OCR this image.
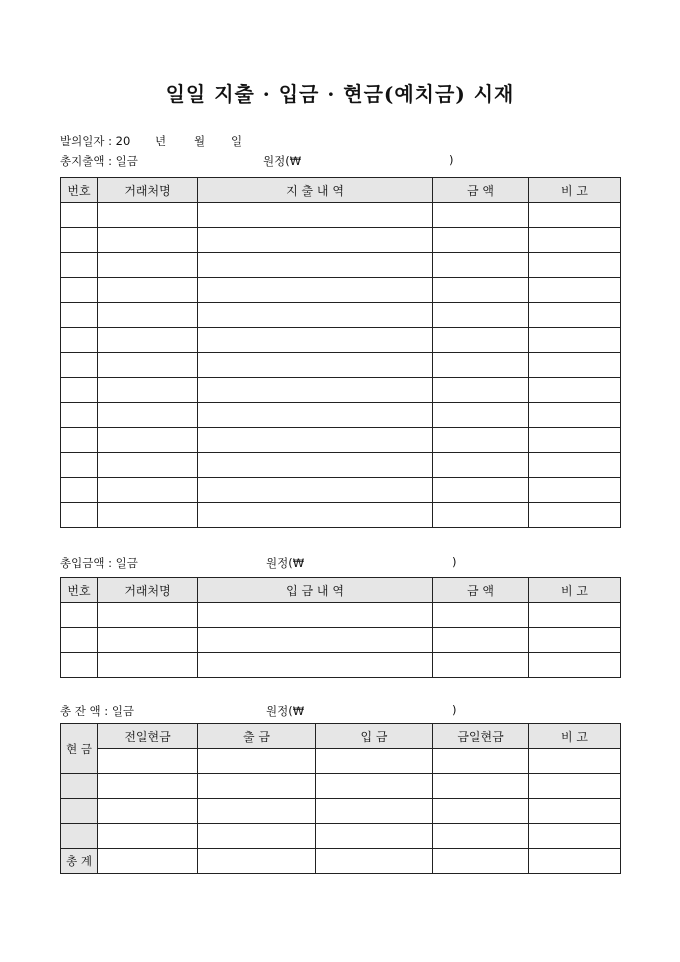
일일 지출 · 입금 · 현금(예치금) 시재

발의일자 : 20

년

월

일

총지출액 : 일금

	원정(₩

	)

번호	거래처명	지 출 내 역	금 액	비 고

총입금액 : 일금

	원정(₩

	)

번호	거래처명	입 금 내 역	금 액	비 고

총 잔 액 : 일금

	원정(₩

	)

현 금	전일현금	출 금	입 금	금일현금	비 고

총 계					
